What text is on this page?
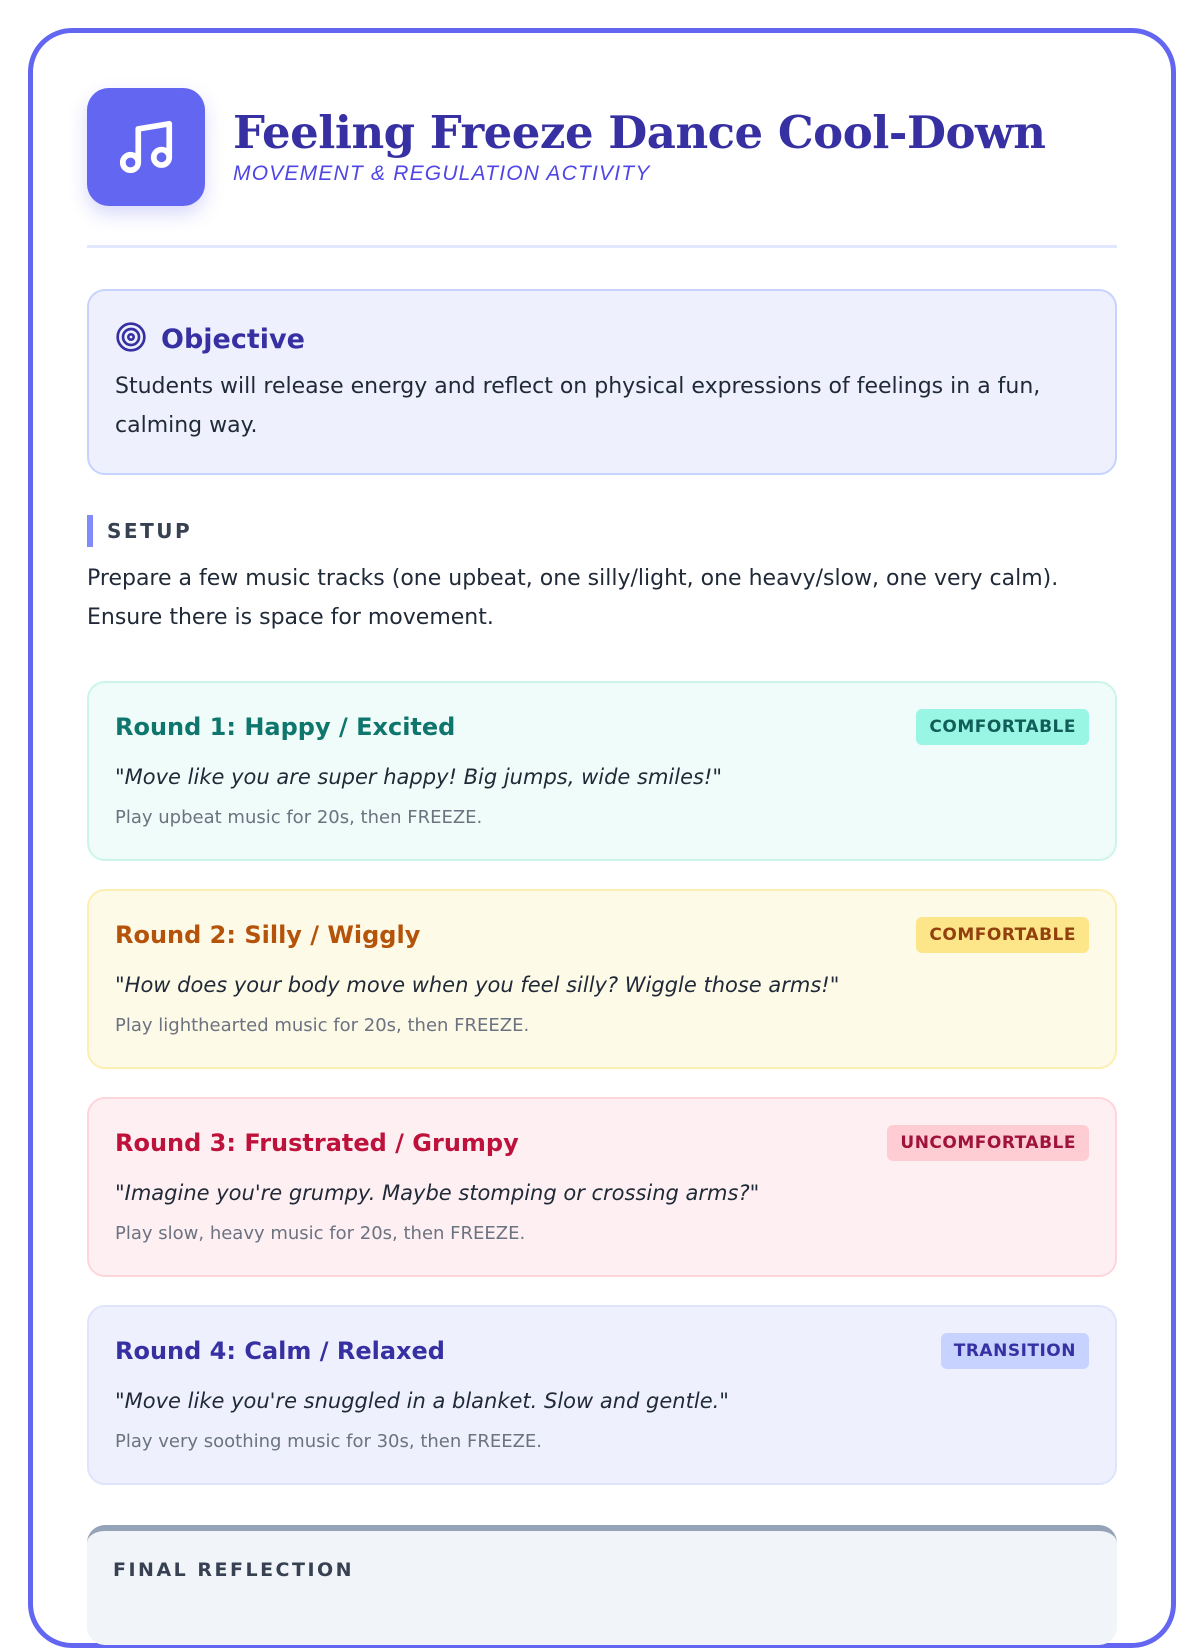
Feeling Freeze Dance Cool-Down
MOVEMENT & REGULATION ACTIVITY
Objective
Students will release energy and reflect on physical expressions of feelings in a fun, calming way.
SETUP
Prepare a few music tracks (one upbeat, one silly/light, one heavy/slow, one very calm). Ensure there is space for movement.
Round 1: Happy / Excited	COMFORTABLE
"Move like you are super happy! Big jumps, wide smiles!"
Play upbeat music for 20s, then FREEZE.
Round 2: Silly / Wiggly	COMFORTABLE
"How does your body move when you feel silly? Wiggle those arms!"
Play lighthearted music for 20s, then FREEZE.
Round 3: Frustrated / Grumpy	UNCOMFORTABLE
"Imagine you're grumpy. Maybe stomping or crossing arms?"
Play slow, heavy music for 20s, then FREEZE.
Round 4: Calm / Relaxed	TRANSITION
"Move like you're snuggled in a blanket. Slow and gentle."
Play very soothing music for 30s, then FREEZE.
FINAL REFLECTION
